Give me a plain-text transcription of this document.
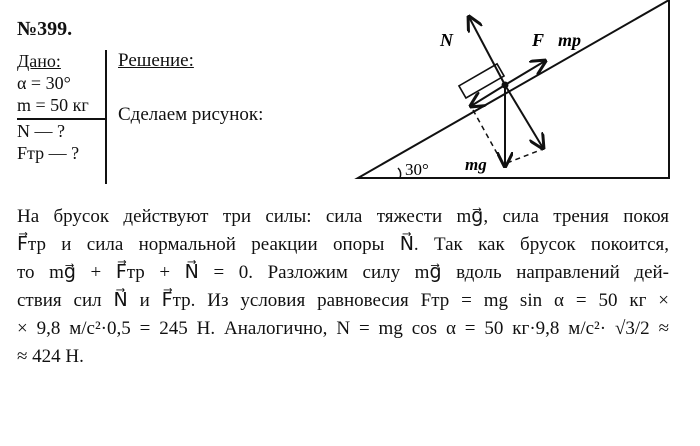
№399.
Дано:
α = 30°
m = 50 кг
N — ?
Fтр — ?
Решение:
Сделаем рисунок:
30°
N⃗	F⃗тр
mg⃗
На брусок действуют три силы: сила тяжести mg⃗, сила трения покоя
F⃗тр и сила нормальной реакции опоры N⃗. Так как брусок покоится,
то mg⃗ + F⃗тр + N⃗ = 0. Разложим силу mg⃗ вдоль направлений дей-
ствия сил N⃗ и F⃗тр. Из условия равновесия Fтр = mg sin α = 50 кг ×
× 9,8 м/с²·0,5 = 245 Н. Аналогично, N = mg cos α = 50 кг·9,8 м/с²· √3/2 ≈
≈ 424 Н.
